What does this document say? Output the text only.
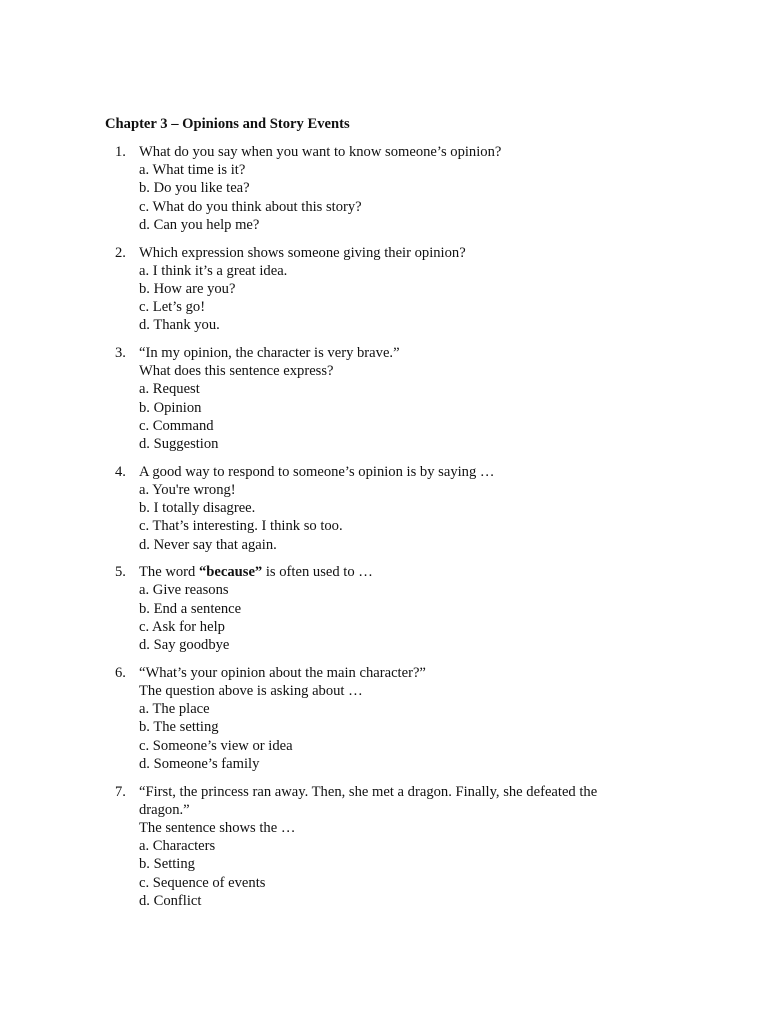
Chapter 3 – Opinions and Story Events
1. What do you say when you want to know someone’s opinion?
a. What time is it?
b. Do you like tea?
c. What do you think about this story?
d. Can you help me?
2. Which expression shows someone giving their opinion?
a. I think it’s a great idea.
b. How are you?
c. Let’s go!
d. Thank you.
3. “In my opinion, the character is very brave.”
What does this sentence express?
a. Request
b. Opinion
c. Command
d. Suggestion
4. A good way to respond to someone’s opinion is by saying …
a. You're wrong!
b. I totally disagree.
c. That’s interesting. I think so too.
d. Never say that again.
5. The word “because” is often used to …
a. Give reasons
b. End a sentence
c. Ask for help
d. Say goodbye
6. “What’s your opinion about the main character?”
The question above is asking about …
a. The place
b. The setting
c. Someone’s view or idea
d. Someone’s family
7. “First, the princess ran away. Then, she met a dragon. Finally, she defeated the dragon.”
The sentence shows the …
a. Characters
b. Setting
c. Sequence of events
d. Conflict
